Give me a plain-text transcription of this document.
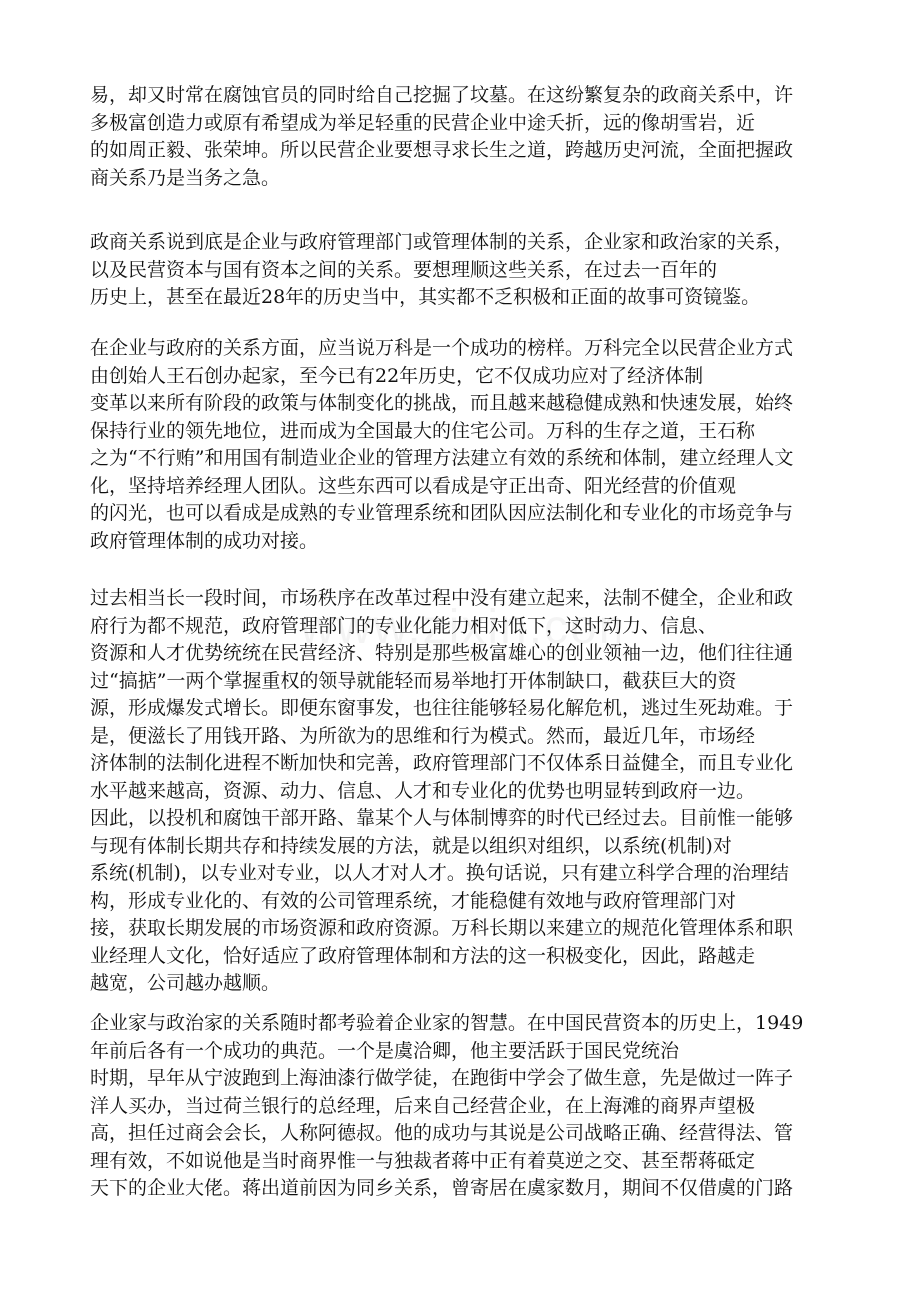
易，却又时常在腐蚀官员的同时给自己挖掘了坟墓。在这纷繁复杂的政商关系中，许
多极富创造力或原有希望成为举足轻重的民营企业中途夭折，远的像胡雪岩，近
的如周正毅、张荣坤。所以民营企业要想寻求长生之道，跨越历史河流，全面把握政
商关系乃是当务之急。
政商关系说到底是企业与政府管理部门或管理体制的关系，企业家和政治家的关系，
以及民营资本与国有资本之间的关系。要想理顺这些关系，在过去一百年的
历史上，甚至在最近28年的历史当中，其实都不乏积极和正面的故事可资镜鉴。
在企业与政府的关系方面，应当说万科是一个成功的榜样。万科完全以民营企业方式
由创始人王石创办起家，至今已有22年历史，它不仅成功应对了经济体制
变革以来所有阶段的政策与体制变化的挑战，而且越来越稳健成熟和快速发展，始终
保持行业的领先地位，进而成为全国最大的住宅公司。万科的生存之道，王石称
之为“不行贿”和用国有制造业企业的管理方法建立有效的系统和体制，建立经理人文
化，坚持培养经理人团队。这些东西可以看成是守正出奇、阳光经营的价值观
的闪光，也可以看成是成熟的专业管理系统和团队因应法制化和专业化的市场竞争与
政府管理体制的成功对接。
过去相当长一段时间，市场秩序在改革过程中没有建立起来，法制不健全，企业和政
府行为都不规范，政府管理部门的专业化能力相对低下，这时动力、信息、
资源和人才优势统统在民营经济、特别是那些极富雄心的创业领袖一边，他们往往通
过“搞掂”一两个掌握重权的领导就能轻而易举地打开体制缺口，截获巨大的资
源，形成爆发式增长。即便东窗事发，也往往能够轻易化解危机，逃过生死劫难。于
是，便滋长了用钱开路、为所欲为的思维和行为模式。然而，最近几年，市场经
济体制的法制化进程不断加快和完善，政府管理部门不仅体系日益健全，而且专业化
水平越来越高，资源、动力、信息、人才和专业化的优势也明显转到政府一边。
因此，以投机和腐蚀干部开路、靠某个人与体制博弈的时代已经过去。目前惟一能够
与现有体制长期共存和持续发展的方法，就是以组织对组织，以系统(机制)对
系统(机制)，以专业对专业，以人才对人才。换句话说，只有建立科学合理的治理结
构，形成专业化的、有效的公司管理系统，才能稳健有效地与政府管理部门对
接，获取长期发展的市场资源和政府资源。万科长期以来建立的规范化管理体系和职
业经理人文化，恰好适应了政府管理体制和方法的这一积极变化，因此，路越走
越宽，公司越办越顺。
企业家与政治家的关系随时都考验着企业家的智慧。在中国民营资本的历史上，1949
年前后各有一个成功的典范。一个是虞洽卿，他主要活跃于国民党统治
时期，早年从宁波跑到上海油漆行做学徒，在跑街中学会了做生意，先是做过一阵子
洋人买办，当过荷兰银行的总经理，后来自己经营企业，在上海滩的商界声望极
高，担任过商会会长，人称阿德叔。他的成功与其说是公司战略正确、经营得法、管
理有效，不如说他是当时商界惟一与独裁者蒋中正有着莫逆之交、甚至帮蒋砥定
天下的企业大佬。蒋出道前因为同乡关系，曾寄居在虞家数月，期间不仅借虞的门路
